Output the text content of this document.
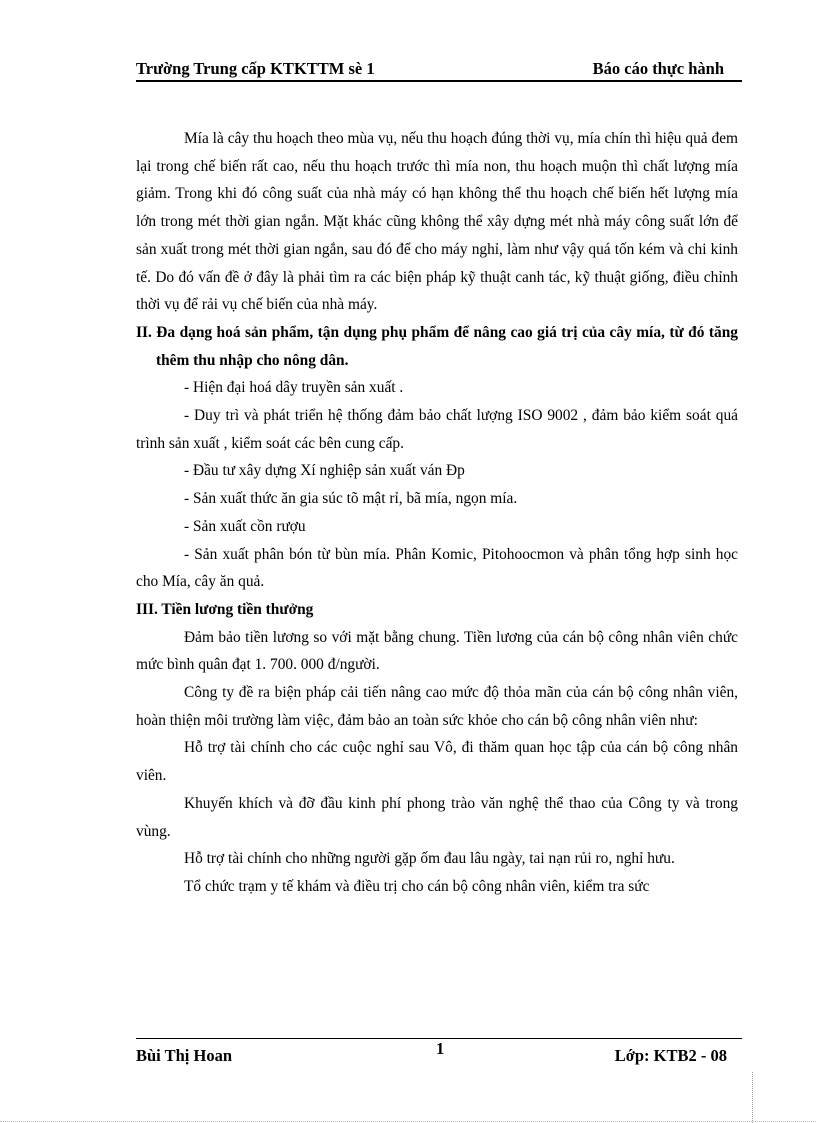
Trường Trung cấp KTKTTM sè 1	Báo cáo thực hành

Mía là cây thu hoạch theo mùa vụ, nếu thu hoạch đúng thời vụ, mía chín thì hiệu quả đem lại trong chế biến rất cao, nếu thu hoạch trước thì mía non, thu hoạch muộn thì chất lượng mía giảm. Trong khi đó công suất của nhà máy có hạn không thể thu hoạch chế biến hết lượng mía lớn trong mét thời gian ngắn. Mặt khác cũng không thể xây dựng mét nhà máy công suất lớn để sản xuất trong mét thời gian ngắn, sau đó để cho máy nghỉ, làm như vậy quá tốn kém và chi kinh tế. Do đó vấn đề ở đây là phải tìm ra các biện pháp kỹ thuật canh tác, kỹ thuật giống, điều chỉnh thời vụ để rải vụ chế biến của nhà máy.

II. Đa dạng hoá sản phẩm, tận dụng phụ phẩm để nâng cao giá trị của cây mía, từ đó tăng thêm thu nhập cho nông dân.

- Hiện đại hoá dây truyền sản xuất .

- Duy trì và phát triển hệ thống đảm bảo chất lượng ISO 9002 , đảm bảo kiểm soát quá trình sản xuất , kiểm soát các bên cung cấp.

- Đầu tư xây dựng Xí nghiệp sản xuất ván Đp

- Sản xuất thức ăn gia súc tõ mật rỉ, bã mía, ngọn mía.

- Sản xuất cồn rượu

- Sản xuất phân bón từ bùn mía. Phân Komic, Pitohoocmon và phân tổng hợp sinh học cho Mía, cây ăn quả.

III. Tiền lương tiền thưởng

Đảm bảo tiền lương so với mặt bằng chung. Tiền lương của cán bộ công nhân viên chức mức bình quân đạt 1. 700. 000 đ/người.

Công ty đề ra biện pháp cải tiến nâng cao mức độ thỏa mãn của cán bộ công nhân viên, hoàn thiện môi trường làm việc, đảm bảo an toàn sức khỏe cho cán bộ công nhân viên như:

Hỗ trợ tài chính cho các cuộc nghỉ sau Vô, đi thăm quan học tập của cán bộ công nhân viên.

Khuyến khích và đỡ đầu kinh phí phong trào văn nghệ thể thao của Công ty và trong vùng.

Hỗ trợ tài chính cho những người gặp ốm đau lâu ngày, tai nạn rủi ro, nghỉ hưu.

Tổ chức trạm y tế khám và điều trị cho cán bộ công nhân viên, kiểm tra sức

Bùi Thị Hoan	1	Lớp: KTB2 - 08
